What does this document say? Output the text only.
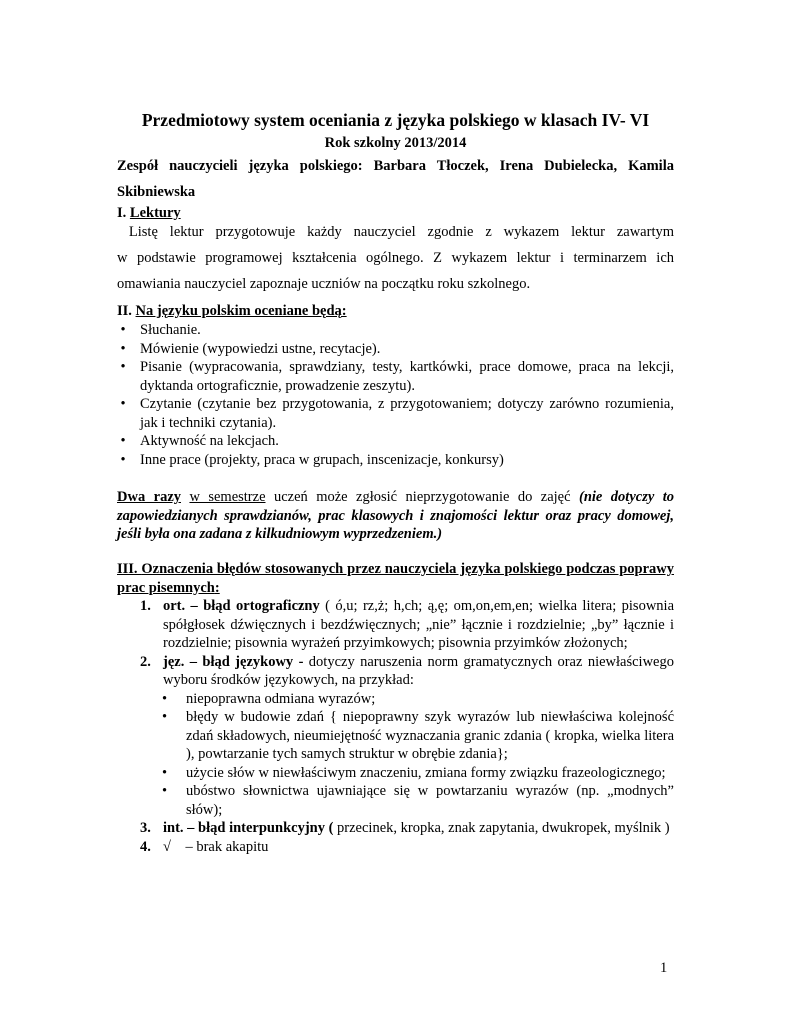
Przedmiotowy system oceniania z języka polskiego w klasach IV- VI
Rok szkolny 2013/2014
Zespół nauczycieli języka polskiego: Barbara Tłoczek, Irena Dubielecka, Kamila
Skibniewska
I. Lektury
Listę lektur przygotowuje każdy nauczyciel zgodnie z wykazem lektur zawartym
w podstawie programowej kształcenia ogólnego. Z wykazem lektur i terminarzem ich
omawiania nauczyciel zapoznaje uczniów na początku roku szkolnego.
II. Na języku polskim oceniane będą:
• Słuchanie.
• Mówienie (wypowiedzi ustne, recytacje).
• Pisanie (wypracowania, sprawdziany, testy, kartkówki, prace domowe, praca na lekcji, dyktanda ortograficznie, prowadzenie zeszytu).
• Czytanie (czytanie bez przygotowania, z przygotowaniem; dotyczy zarówno rozumienia, jak i techniki czytania).
• Aktywność na lekcjach.
• Inne prace (projekty, praca w grupach, inscenizacje, konkursy)
Dwa razy w semestrze uczeń może zgłosić nieprzygotowanie do zajęć (nie dotyczy to zapowiedzianych sprawdzianów, prac klasowych i znajomości lektur oraz pracy domowej, jeśli była ona zadana z kilkudniowym wyprzedzeniem.)
III. Oznaczenia błędów stosowanych przez nauczyciela języka polskiego podczas poprawy prac pisemnych:
1. ort. – błąd ortograficzny ( ó,u; rz,ż; h,ch; ą,ę; om,on,em,en; wielka litera; pisownia spółgłosek dźwięcznych i bezdźwięcznych; „nie” łącznie i rozdzielnie; „by” łącznie i rozdzielnie; pisownia wyrażeń przyimkowych; pisownia przyimków złożonych;
2. jęz. – błąd językowy - dotyczy naruszenia norm gramatycznych oraz niewłaściwego wyboru środków językowych, na przykład:
• niepoprawna odmiana wyrazów;
• błędy w budowie zdań { niepoprawny szyk wyrazów lub niewłaściwa kolejność zdań składowych, nieumiejętność wyznaczania granic zdania ( kropka, wielka litera ), powtarzanie tych samych struktur w obrębie zdania};
• użycie słów w niewłaściwym znaczeniu, zmiana formy związku frazeologicznego;
• ubóstwo słownictwa ujawniające się w powtarzaniu wyrazów (np. „modnych” słów);
3. int. – błąd interpunkcyjny ( przecinek, kropka, znak zapytania, dwukropek, myślnik )
4. √    – brak akapitu
1
